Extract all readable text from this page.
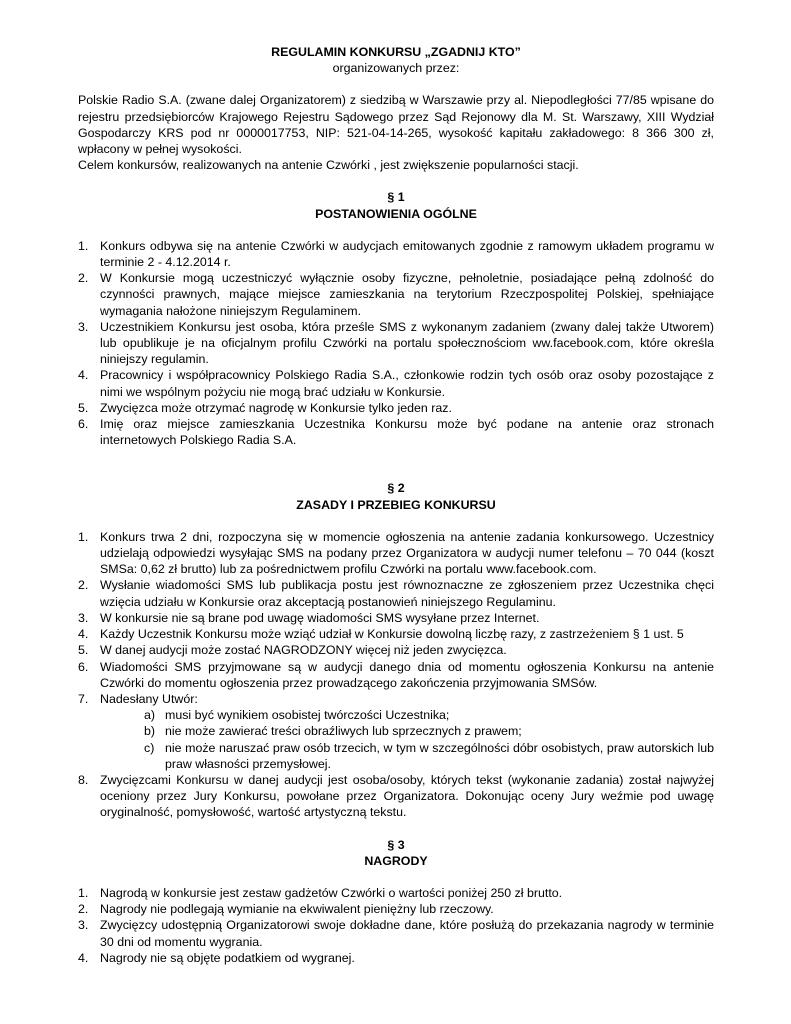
REGULAMIN KONKURSU „ZGADNIJ KTO”
organizowanych przez:
Polskie Radio S.A. (zwane dalej Organizatorem) z siedzibą w Warszawie przy al. Niepodległości 77/85 wpisane do rejestru przedsiębiorców Krajowego Rejestru Sądowego przez Sąd Rejonowy dla M. St. Warszawy, XIII Wydział Gospodarczy KRS pod nr 0000017753, NIP: 521-04-14-265, wysokość kapitału zakładowego: 8 366 300 zł, wpłacony w pełnej wysokości.
Celem konkursów, realizowanych na antenie Czwórki , jest zwiększenie popularności stacji.
§ 1
POSTANOWIENIA OGÓLNE
1. Konkurs odbywa się na antenie Czwórki w audycjach emitowanych zgodnie z ramowym układem programu w terminie 2 - 4.12.2014 r.
2. W Konkursie mogą uczestniczyć wyłącznie osoby fizyczne, pełnoletnie, posiadające pełną zdolność do czynności prawnych, mające miejsce zamieszkania na terytorium Rzeczpospolitej Polskiej, spełniające wymagania nałożone niniejszym Regulaminem.
3. Uczestnikiem Konkursu jest osoba, która prześle SMS z wykonanym zadaniem (zwany dalej także Utworem) lub opublikuje je na oficjalnym profilu Czwórki na portalu społecznościom ww.facebook.com, które określa niniejszy regulamin.
4. Pracownicy i współpracownicy Polskiego Radia S.A., członkowie rodzin tych osób oraz osoby pozostające z nimi we wspólnym pożyciu nie mogą brać udziału w Konkursie.
5. Zwycięzca może otrzymać nagrodę w Konkursie tylko jeden raz.
6. Imię oraz miejsce zamieszkania Uczestnika Konkursu może być podane na antenie oraz stronach internetowych Polskiego Radia S.A.
§ 2
ZASADY I PRZEBIEG KONKURSU
1. Konkurs trwa 2 dni, rozpoczyna się w momencie ogłoszenia na antenie zadania konkursowego. Uczestnicy udzielają odpowiedzi wysyłając SMS na podany przez Organizatora w audycji numer telefonu – 70 044 (koszt SMSa: 0,62 zł brutto) lub za pośrednictwem profilu Czwórki na portalu www.facebook.com.
2. Wysłanie wiadomości SMS lub publikacja postu jest równoznaczne ze zgłoszeniem przez Uczestnika chęci wzięcia udziału w Konkursie oraz akceptacją postanowień niniejszego Regulaminu.
3. W konkursie nie są brane pod uwagę wiadomości SMS wysyłane przez Internet.
4. Każdy Uczestnik Konkursu może wziąć udział w Konkursie dowolną liczbę razy, z zastrzeżeniem § 1 ust. 5
5. W danej audycji może zostać NAGRODZONY więcej niż jeden zwycięzca.
6. Wiadomości SMS przyjmowane są w audycji danego dnia od momentu ogłoszenia Konkursu na antenie Czwórki do momentu ogłoszenia przez prowadzącego zakończenia przyjmowania SMSów.
7. Nadesłany Utwór:
a) musi być wynikiem osobistej twórczości Uczestnika;
b) nie może zawierać treści obraźliwych lub sprzecznych z prawem;
c) nie może naruszać praw osób trzecich, w tym w szczególności dóbr osobistych, praw autorskich lub praw własności przemysłowej.
8. Zwycięzcami Konkursu w danej audycji jest osoba/osoby, których tekst (wykonanie zadania) został najwyżej oceniony przez Jury Konkursu, powołane przez Organizatora. Dokonując oceny Jury weźmie pod uwagę oryginalność, pomysłowość, wartość artystyczną tekstu.
§ 3
NAGRODY
1. Nagrodą w konkursie jest zestaw gadżetów Czwórki o wartości poniżej 250 zł brutto.
2. Nagrody nie podlegają wymianie na ekwiwalent pieniężny lub rzeczowy.
3. Zwycięzcy udostępnią Organizatorowi swoje dokładne dane, które posłużą do przekazania nagrody w terminie 30 dni od momentu wygrania.
4. Nagrody nie są objęte podatkiem od wygranej.
